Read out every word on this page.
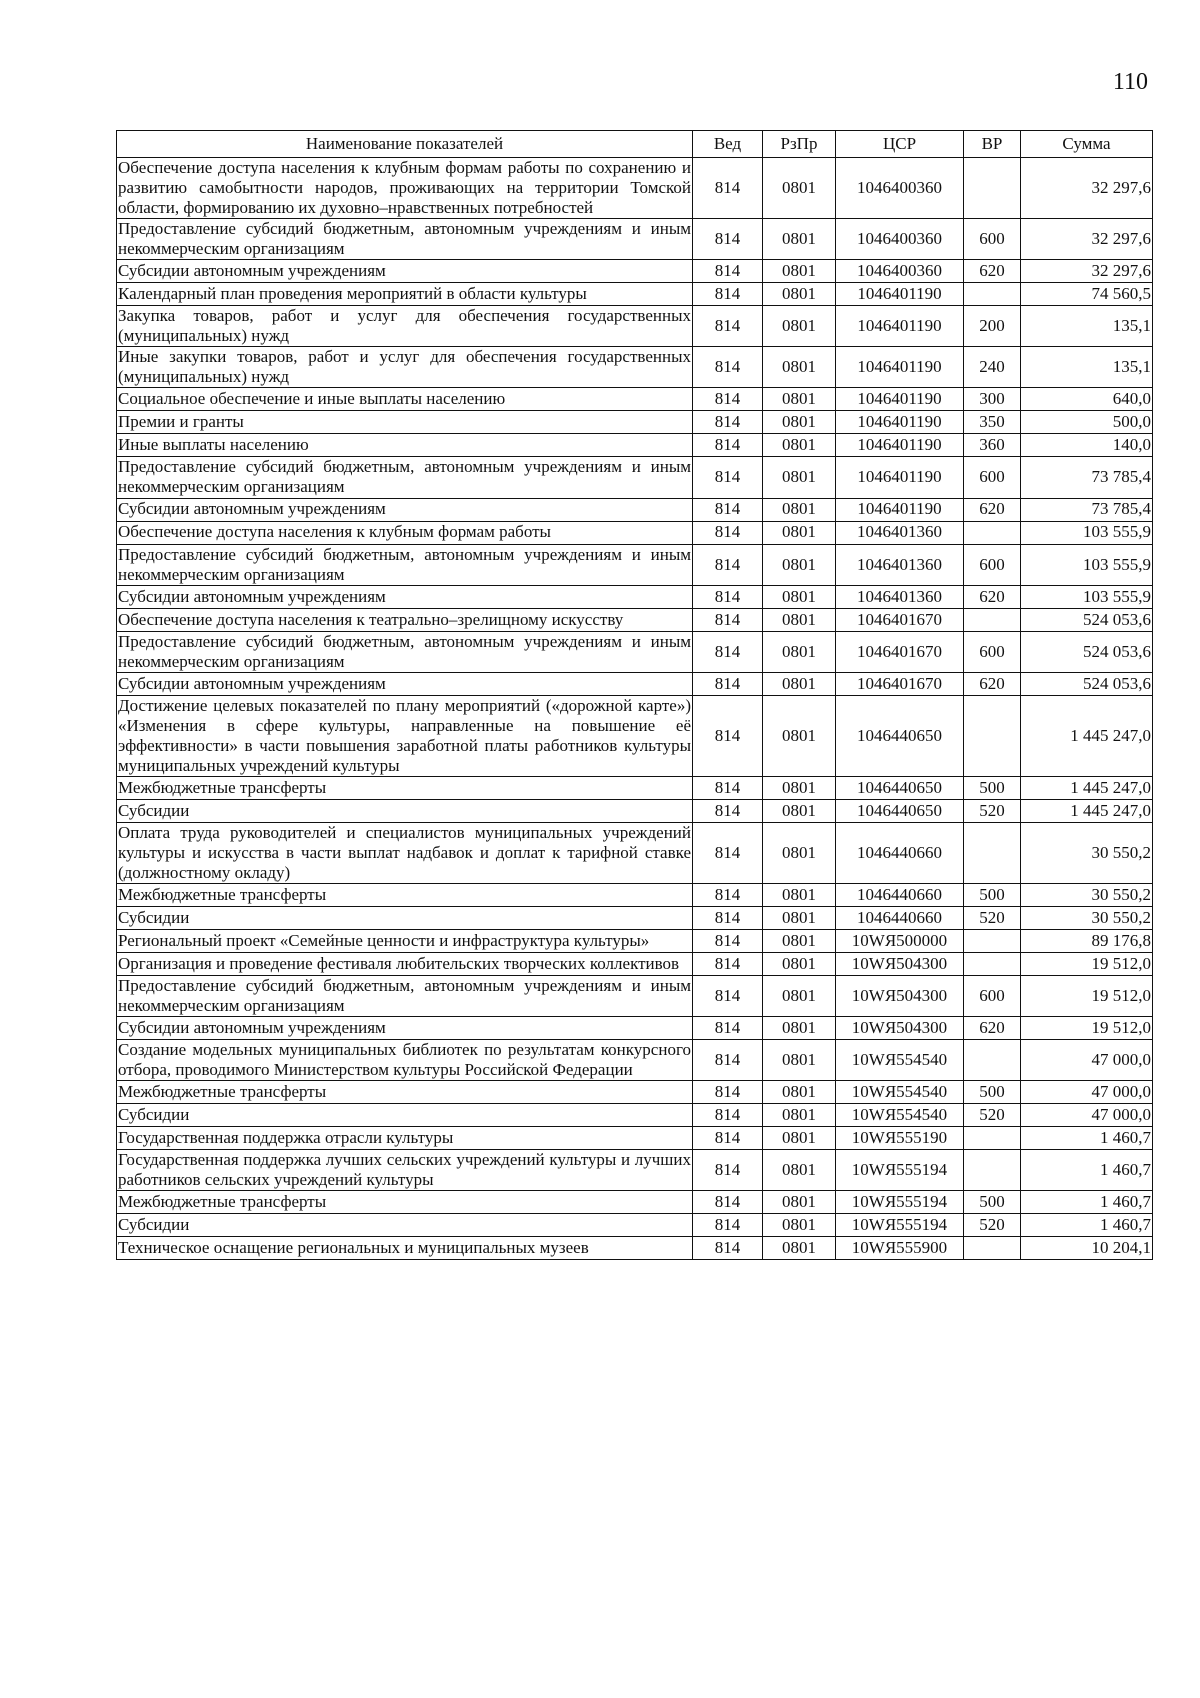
110
Наименование показателей	Вед	РзПр	ЦСР	ВР	Сумма
Обеспечение доступа населения к клубным формам работы по сохранению и развитию самобытности народов, проживающих на территории Томской области, формированию их духовно–нравственных потребностей	814	0801	1046400360		32 297,6
Предоставление субсидий бюджетным, автономным учреждениям и иным некоммерческим организациям	814	0801	1046400360	600	32 297,6
Субсидии автономным учреждениям	814	0801	1046400360	620	32 297,6
Календарный план проведения мероприятий в области культуры	814	0801	1046401190		74 560,5
Закупка товаров, работ и услуг для обеспечения государственных (муниципальных) нужд	814	0801	1046401190	200	135,1
Иные закупки товаров, работ и услуг для обеспечения государственных (муниципальных) нужд	814	0801	1046401190	240	135,1
Социальное обеспечение и иные выплаты населению	814	0801	1046401190	300	640,0
Премии и гранты	814	0801	1046401190	350	500,0
Иные выплаты населению	814	0801	1046401190	360	140,0
Предоставление субсидий бюджетным, автономным учреждениям и иным некоммерческим организациям	814	0801	1046401190	600	73 785,4
Субсидии автономным учреждениям	814	0801	1046401190	620	73 785,4
Обеспечение доступа населения к клубным формам работы	814	0801	1046401360		103 555,9
Предоставление субсидий бюджетным, автономным учреждениям и иным некоммерческим организациям	814	0801	1046401360	600	103 555,9
Субсидии автономным учреждениям	814	0801	1046401360	620	103 555,9
Обеспечение доступа населения к театрально–зрелищному искусству	814	0801	1046401670		524 053,6
Предоставление субсидий бюджетным, автономным учреждениям и иным некоммерческим организациям	814	0801	1046401670	600	524 053,6
Субсидии автономным учреждениям	814	0801	1046401670	620	524 053,6
Достижение целевых показателей по плану мероприятий («дорожной карте») «Изменения в сфере культуры, направленные на повышение её эффективности» в части повышения заработной платы работников культуры муниципальных учреждений культуры	814	0801	1046440650		1 445 247,0
Межбюджетные трансферты	814	0801	1046440650	500	1 445 247,0
Субсидии	814	0801	1046440650	520	1 445 247,0
Оплата труда руководителей и специалистов муниципальных учреждений культуры и искусства в части выплат надбавок и доплат к тарифной ставке (должностному окладу)	814	0801	1046440660		30 550,2
Межбюджетные трансферты	814	0801	1046440660	500	30 550,2
Субсидии	814	0801	1046440660	520	30 550,2
Региональный проект «Семейные ценности и инфраструктура культуры»	814	0801	10WЯ500000		89 176,8
Организация и проведение фестиваля любительских творческих коллективов	814	0801	10WЯ504300		19 512,0
Предоставление субсидий бюджетным, автономным учреждениям и иным некоммерческим организациям	814	0801	10WЯ504300	600	19 512,0
Субсидии автономным учреждениям	814	0801	10WЯ504300	620	19 512,0
Создание модельных муниципальных библиотек по результатам конкурсного отбора, проводимого Министерством культуры Российской Федерации	814	0801	10WЯ554540		47 000,0
Межбюджетные трансферты	814	0801	10WЯ554540	500	47 000,0
Субсидии	814	0801	10WЯ554540	520	47 000,0
Государственная поддержка отрасли культуры	814	0801	10WЯ555190		1 460,7
Государственная поддержка лучших сельских учреждений культуры и лучших работников сельских учреждений культуры	814	0801	10WЯ555194		1 460,7
Межбюджетные трансферты	814	0801	10WЯ555194	500	1 460,7
Субсидии	814	0801	10WЯ555194	520	1 460,7
Техническое оснащение региональных и муниципальных музеев	814	0801	10WЯ555900		10 204,1
